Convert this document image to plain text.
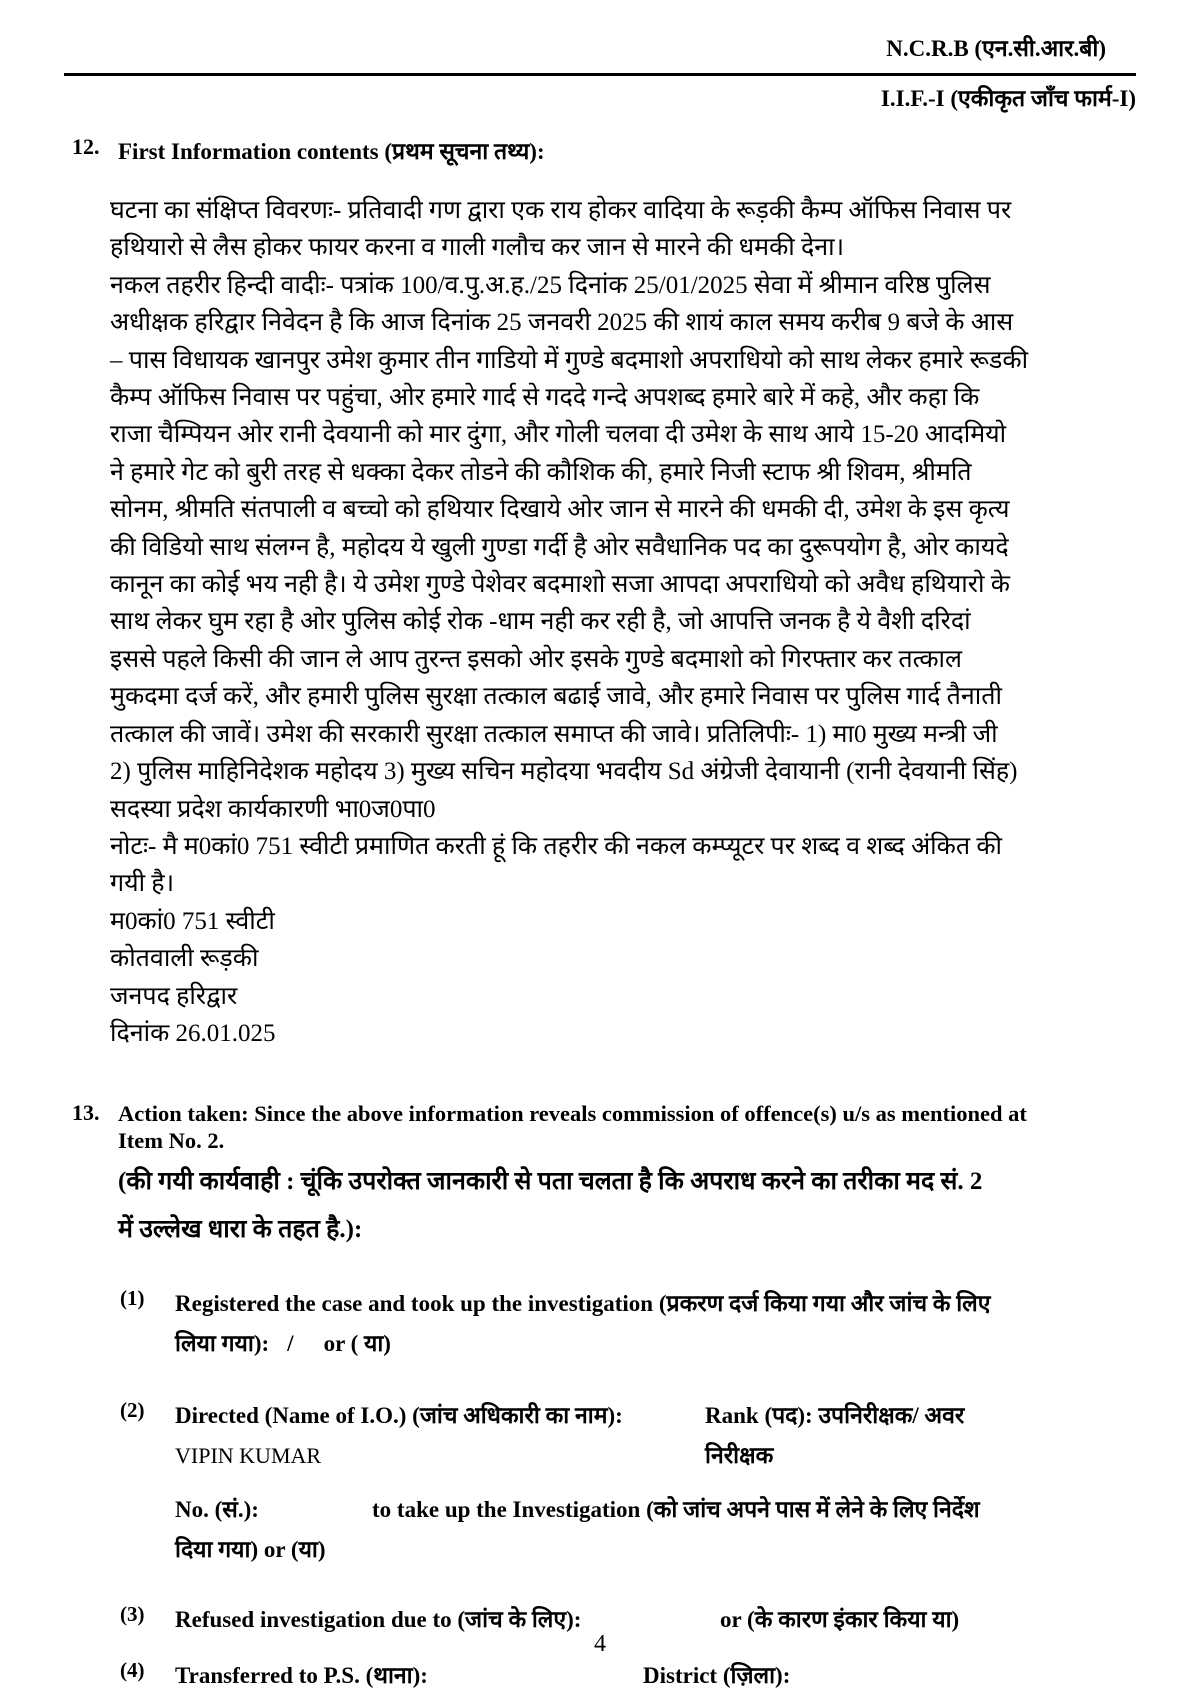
N.C.R.B (एन.सी.आर.बी)
I.I.F.-I (एकीकृत जाँच फार्म-I)
12. First Information contents (प्रथम सूचना तथ्य):
घटना का संक्षिप्त विवरणः- प्रतिवादी गण द्वारा एक राय होकर वादिया के रूड़की कैम्प ऑफिस निवास पर
हथियारो से लैस होकर फायर करना व गाली गलौच कर जान से मारने की धमकी देना।
नकल तहरीर हिन्दी वादीः- पत्रांक 100/व.पु.अ.ह./25 दिनांक 25/01/2025 सेवा में श्रीमान वरिष्ठ पुलिस
अधीक्षक हरिद्वार निवेदन है कि आज दिनांक 25 जनवरी 2025 की शायं काल समय करीब 9 बजे के आस
– पास विधायक खानपुर उमेश कुमार तीन गाडियो में गुण्डे बदमाशो अपराधियो को साथ लेकर हमारे रूडकी
कैम्प ऑफिस निवास पर पहुंचा, ओर हमारे गार्द से गददे गन्दे अपशब्द हमारे बारे में कहे, और कहा कि
राजा चैम्पियन ओर रानी देवयानी को मार दुंगा, और गोली चलवा दी उमेश के साथ आये 15-20 आदमियो
ने हमारे गेट को बुरी तरह से धक्का देकर तोडने की कौशिक की, हमारे निजी स्टाफ श्री शिवम, श्रीमति
सोनम, श्रीमति संतपाली व बच्चो को हथियार दिखाये ओर जान से मारने की धमकी दी, उमेश के इस कृत्य
की विडियो साथ संलग्न है, महोदय ये खुली गुण्डा गर्दी है ओर सवैधानिक पद का दुरूपयोग है, ओर कायदे
कानून का कोई भय नही है। ये उमेश गुण्डे पेशेवर बदमाशो सजा आपदा अपराधियो को अवैध हथियारो के
साथ लेकर घुम रहा है ओर पुलिस कोई रोक -धाम नही कर रही है, जो आपत्ति जनक है ये वैशी दरिदां
इससे पहले किसी की जान ले आप तुरन्त इसको ओर इसके गुण्डे बदमाशो को गिरफ्तार कर तत्काल
मुकदमा दर्ज करें, और हमारी पुलिस सुरक्षा तत्काल बढाई जावे, और हमारे निवास पर पुलिस गार्द तैनाती
तत्काल की जावें। उमेश की सरकारी सुरक्षा तत्काल समाप्त की जावे। प्रतिलिपीः- 1) मा0 मुख्य मन्त्री जी
2) पुलिस माहिनिदेशक महोदय 3) मुख्य सचिन महोदया भवदीय Sd अंग्रेजी देवायानी (रानी देवयानी सिंह)
सदस्या प्रदेश कार्यकारणी भा0ज0पा0
नोटः- मै म0कां0 751 स्वीटी प्रमाणित करती हूं कि तहरीर की नकल कम्प्यूटर पर शब्द व शब्द अंकित की
गयी है।
म0कां0 751 स्वीटी
कोतवाली रूड़की
जनपद हरिद्वार
दिनांक 26.01.025
13. Action taken: Since the above information reveals commission of offence(s) u/s as mentioned at
Item No. 2.
(की गयी कार्यवाही : चूंकि उपरोक्त जानकारी से पता चलता है कि अपराध करने का तरीका मद सं. 2
में उल्लेख धारा के तहत है.):
(1)	Registered the case and took up the investigation (प्रकरण दर्ज किया गया और जांच के लिए
लिया गया): / or ( या)
(2)	Directed (Name of I.O.) (जांच अधिकारी का नाम):	Rank (पद): उपनिरीक्षक/ अवर
VIPIN KUMAR	निरीक्षक
No. (सं.):	to take up the Investigation (को जांच अपने पास में लेने के लिए निर्देश
दिया गया) or (या)
(3)	Refused investigation due to (जांच के लिए):	or (के कारण इंकार किया या)
(4)	Transferred to P.S. (थाना):	District (ज़िला):
4
